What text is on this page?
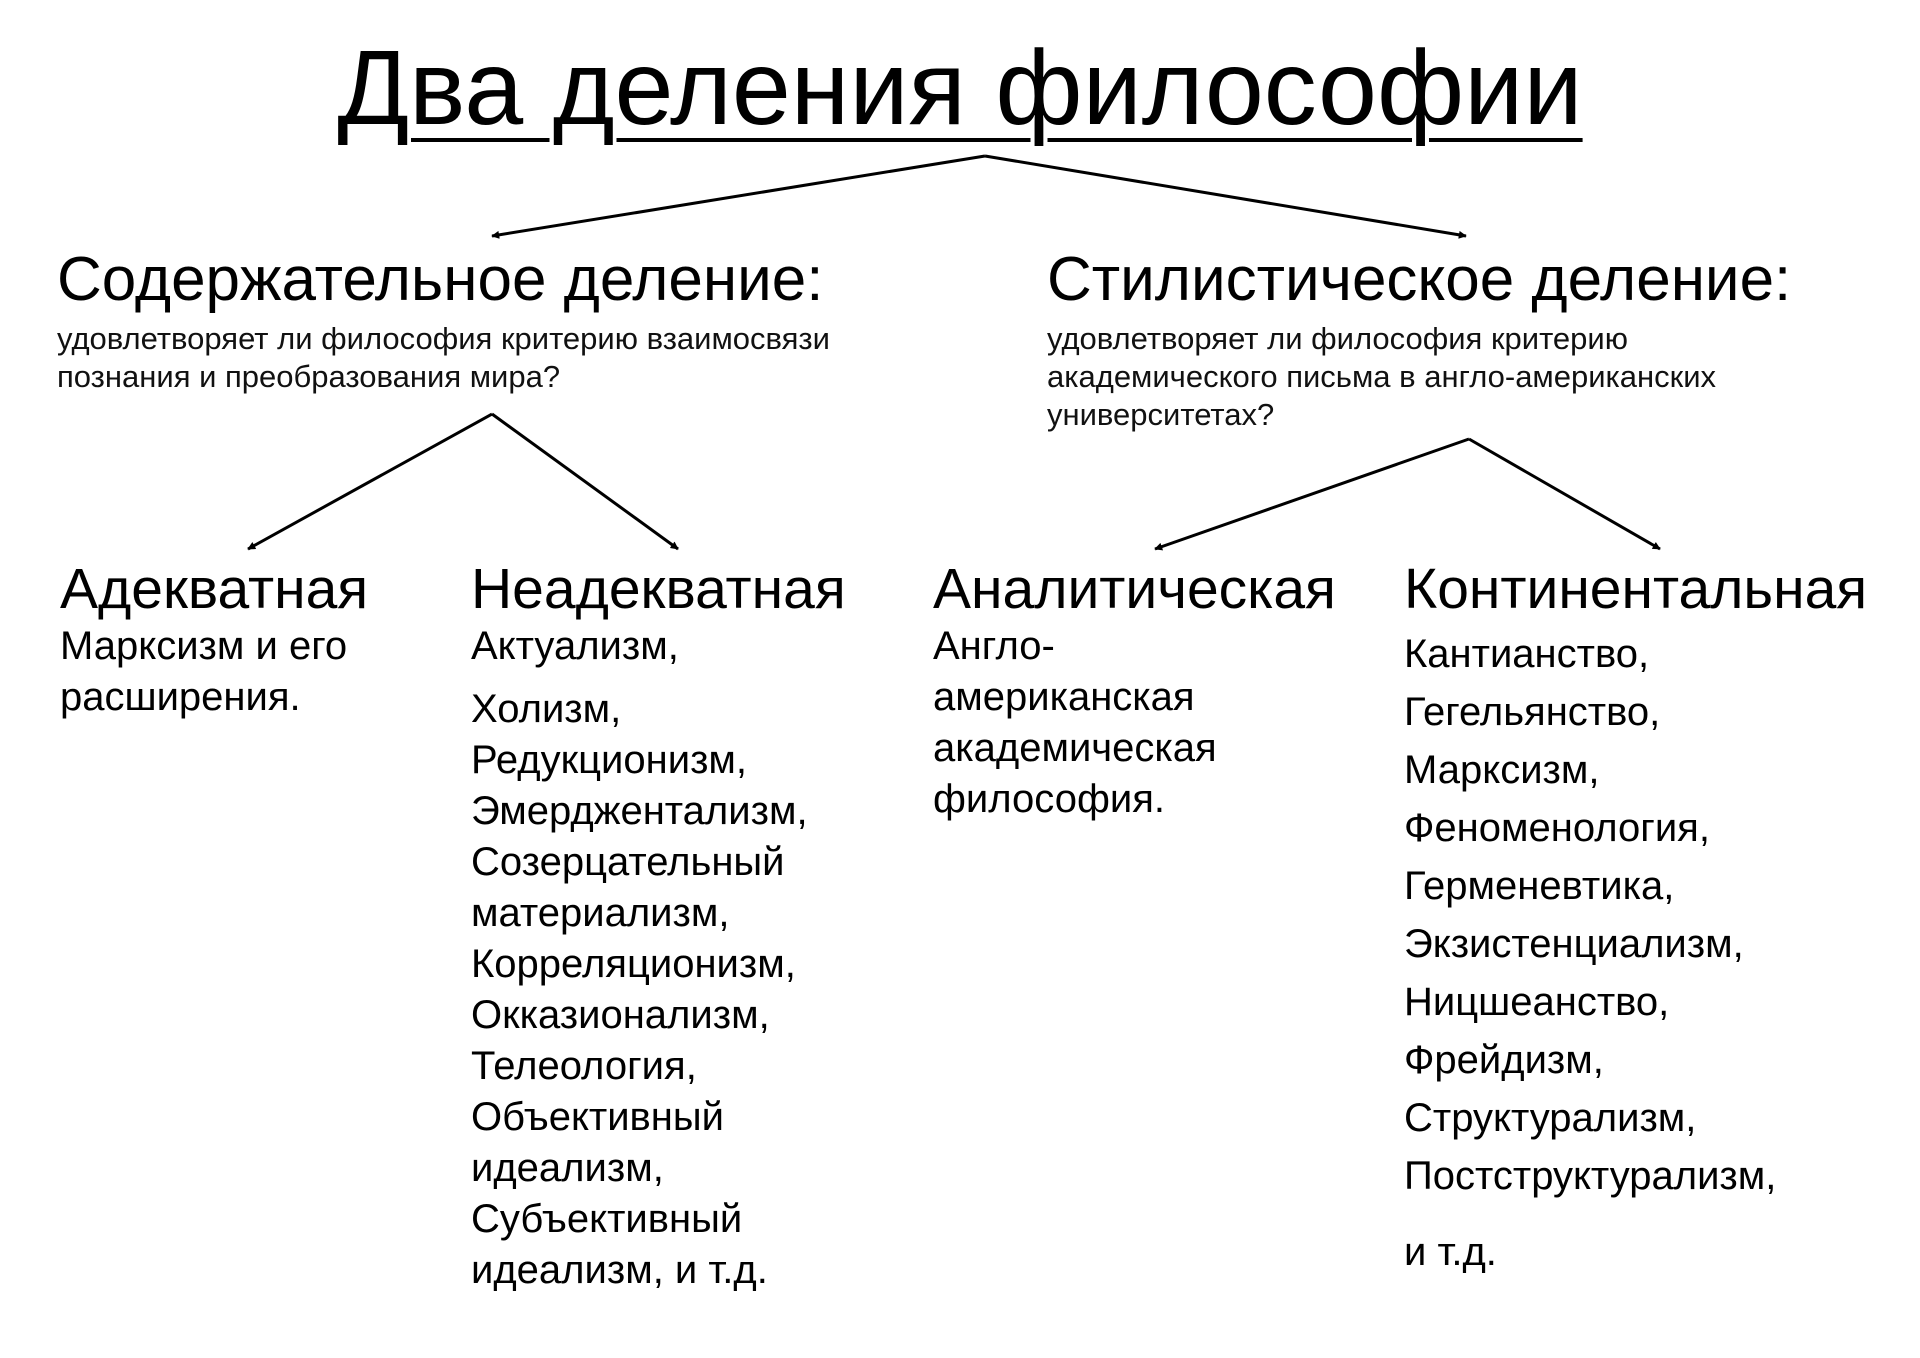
Два деления философии
Содержательное деление:
удовлетворяет ли философия критерию взаимосвязи познания и преобразования мира?
Стилистическое деление:
удовлетворяет ли философия критерию академического письма в англо-американских университетах?
Адекватная
Марксизм и его
расширения.
Неадекватная
Актуализм,
Холизм,
Редукционизм,
Эмерджентализм,
Созерцательный
материализм,
Корреляционизм,
Окказионализм,
Телеология,
Объективный
идеализм,
Субъективный
идеализм, и т.д.
Аналитическая
Англо-
американская
академическая
философия.
Континентальная
Кантианство,
Гегельянство,
Марксизм,
Феноменология,
Герменевтика,
Экзистенциализм,
Ницшеанство,
Фрейдизм,
Структурализм,
Постструктурализм,
и т.д.
